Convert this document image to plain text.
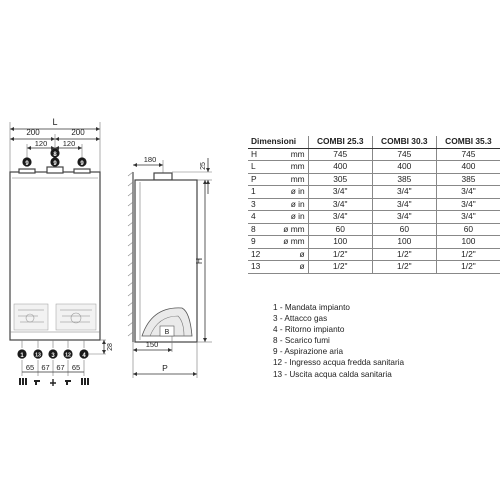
L
200	200
120 120
8
9	9	9
1 13 3 12 4
65 67 67 65
28
180
25
H
B
150
P
Dimensioni		COMBI 25.3	COMBI 30.3	COMBI 35.3
H	mm	745	745	745
L	mm	400	400	400
P	mm	305	385	385
1	ø in	3/4"	3/4"	3/4"
3	ø in	3/4"	3/4"	3/4"
4	ø in	3/4"	3/4"	3/4"
8	ø mm	60	60	60
9	ø mm	100	100	100
12	ø	1/2"	1/2"	1/2"
13	ø	1/2"	1/2"	1/2"
1 - Mandata impianto
3 - Attacco gas
4 - Ritorno impianto
8 - Scarico fumi
9 - Aspirazione aria
12 - Ingresso acqua fredda sanitaria
13 - Uscita acqua calda sanitaria
